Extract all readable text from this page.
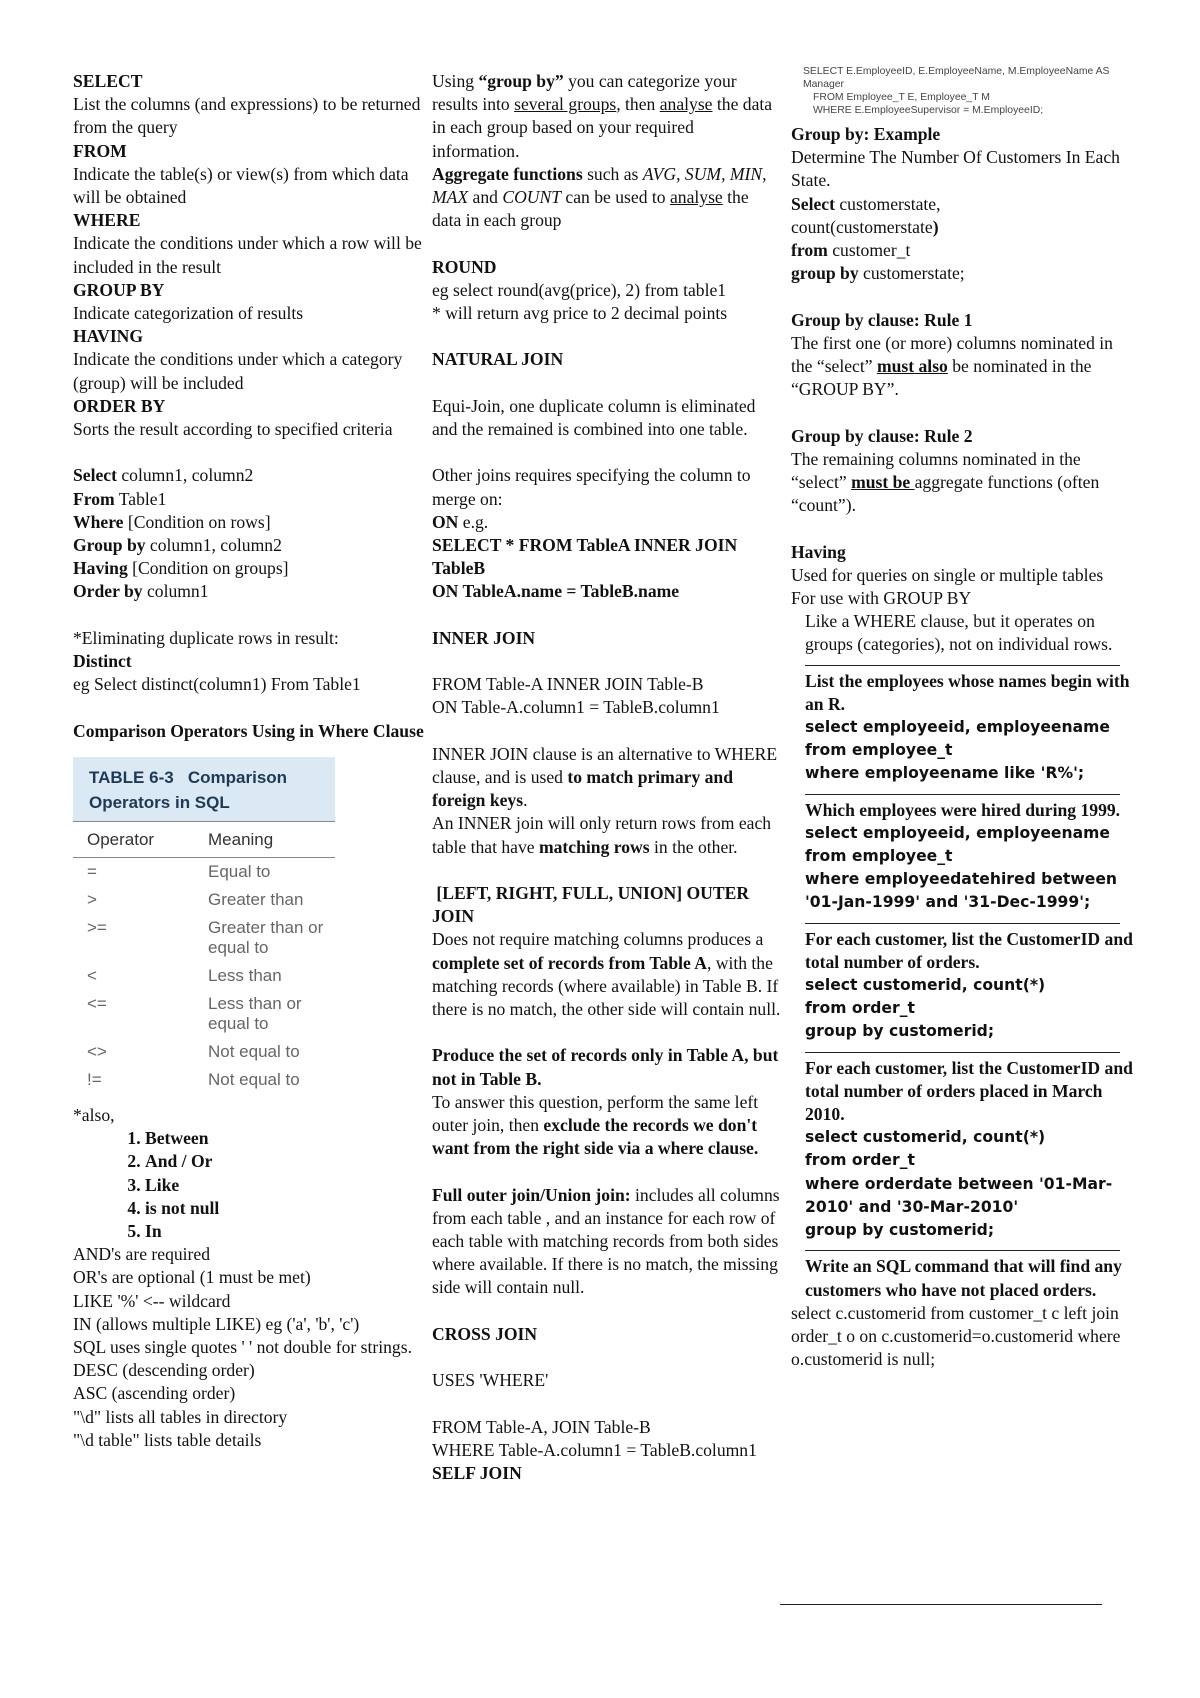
SELECT
List the columns (and expressions) to be returned from the query
FROM
Indicate the table(s) or view(s) from which data will be obtained
WHERE
Indicate the conditions under which a row will be included in the result
GROUP BY
Indicate categorization of results
HAVING
Indicate the conditions under which a category (group) will be included
ORDER BY
Sorts the result according to specified criteria
Select column1, column2
From Table1
Where [Condition on rows]
Group by column1, column2
Having [Condition on groups]
Order by column1
*Eliminating duplicate rows in result:
Distinct
eg Select distinct(column1) From Table1
Comparison Operators Using in Where Clause
TABLE 6-3   Comparison
Operators in SQL
Operator	Meaning
=	Equal to
>	Greater than
>=	Greater than or equal to
<	Less than
<=	Less than or equal to
<>	Not equal to
!=	Not equal to
*also,
1. Between
2. And / Or
3. Like
4. is not null
5. In
AND's are required
OR's are optional (1 must be met)
LIKE '%' <-- wildcard
IN (allows multiple LIKE) eg ('a', 'b', 'c')
SQL uses single quotes ' ' not double for strings.
DESC (descending order)
ASC (ascending order)
"\d" lists all tables in directory
"\d table" lists table details
Using “group by” you can categorize your results into several groups, then analyse the data in each group based on your required information.
Aggregate functions such as AVG, SUM, MIN, MAX and COUNT can be used to analyse the data in each group
ROUND
eg select round(avg(price), 2) from table1
* will return avg price to 2 decimal points
NATURAL JOIN
Equi-Join, one duplicate column is eliminated and the remained is combined into one table.
Other joins requires specifying the column to merge on:
ON e.g.
SELECT * FROM TableA INNER JOIN TableB
ON TableA.name = TableB.name
INNER JOIN
FROM Table-A INNER JOIN Table-B
ON Table-A.column1 = TableB.column1
INNER JOIN clause is an alternative to WHERE clause, and is used to match primary and foreign keys.
An INNER join will only return rows from each table that have matching rows in the other.
[LEFT, RIGHT, FULL, UNION] OUTER JOIN
Does not require matching columns produces a complete set of records from Table A, with the matching records (where available) in Table B. If there is no match, the other side will contain null.
Produce the set of records only in Table A, but not in Table B.
To answer this question, perform the same left outer join, then exclude the records we don't want from the right side via a where clause.
Full outer join/Union join: includes all columns from each table , and an instance for each row of each table with matching records from both sides where available. If there is no match, the missing side will contain null.
CROSS JOIN
USES 'WHERE'
FROM Table-A, JOIN Table-B
WHERE Table-A.column1 = TableB.column1
SELF JOIN
SELECT E.EmployeeID, E.EmployeeName, M.EmployeeName AS Manager
FROM Employee_T E, Employee_T M
WHERE E.EmployeeSupervisor = M.EmployeeID;
Group by: Example
Determine The Number Of Customers In Each State.
Select customerstate,
count(customerstate)
from customer_t
group by customerstate;
Group by clause: Rule 1
The first one (or more) columns nominated in the “select” must also be nominated in the “GROUP BY”.
Group by clause: Rule 2
The remaining columns nominated in the “select” must be aggregate functions (often “count”).
Having
Used for queries on single or multiple tables
For use with GROUP BY
Like a WHERE clause, but it operates on groups (categories), not on individual rows.
List the employees whose names begin with an R.
select employeeid, employeename
from employee_t
where employeename like 'R%';
Which employees were hired during 1999.
select employeeid, employeename
from employee_t
where employeedatehired between '01-Jan-1999' and '31-Dec-1999';
For each customer, list the CustomerID and total number of orders.
select customerid, count(*)
from order_t
group by customerid;
For each customer, list the CustomerID and total number of orders placed in March 2010.
select customerid, count(*)
from order_t
where orderdate between '01-Mar-2010' and '30-Mar-2010'
group by customerid;
Write an SQL command that will find any customers who have not placed orders.
select c.customerid from customer_t c left join order_t o on c.customerid=o.customerid where o.customerid is null;
